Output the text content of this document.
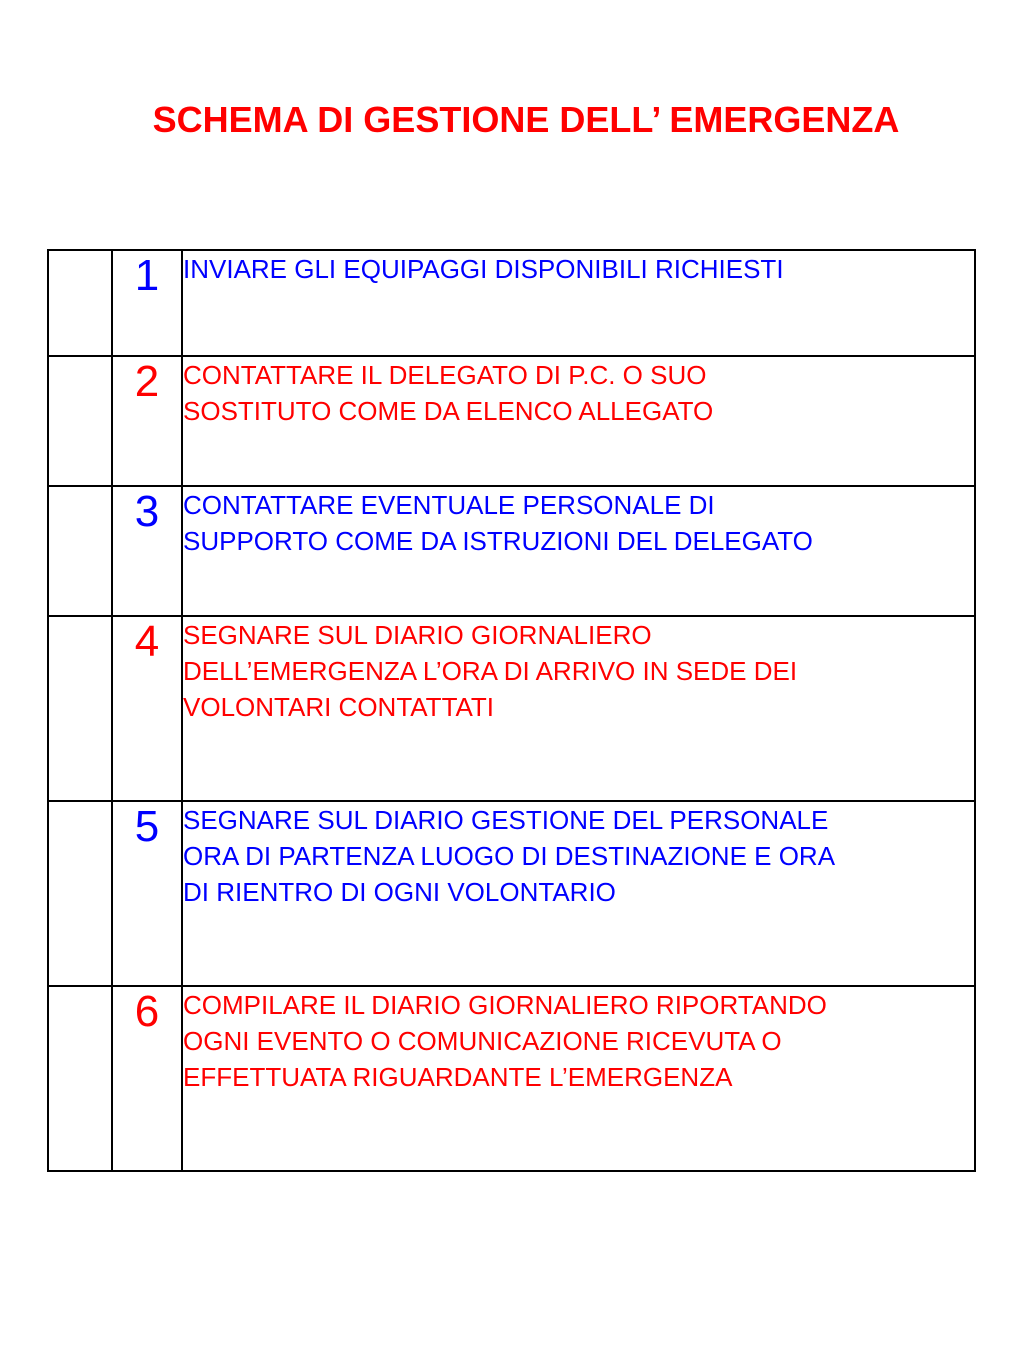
SCHEMA DI GESTIONE DELL’ EMERGENZA
	1	INVIARE GLI EQUIPAGGI DISPONIBILI RICHIESTI

	2	CONTATTARE IL DELEGATO DI P.C. O SUO
SOSTITUTO COME DA ELENCO ALLEGATO

	3	CONTATTARE EVENTUALE PERSONALE DI
SUPPORTO COME DA ISTRUZIONI DEL DELEGATO

	4	SEGNARE SUL DIARIO GIORNALIERO
DELL’EMERGENZA L’ORA DI ARRIVO IN SEDE DEI
VOLONTARI CONTATTATI

	5	SEGNARE SUL DIARIO GESTIONE DEL PERSONALE
ORA DI PARTENZA LUOGO DI DESTINAZIONE E ORA
DI RIENTRO DI OGNI VOLONTARIO

	6	COMPILARE IL DIARIO GIORNALIERO RIPORTANDO
OGNI EVENTO O COMUNICAZIONE RICEVUTA O
EFFETTUATA RIGUARDANTE L’EMERGENZA
